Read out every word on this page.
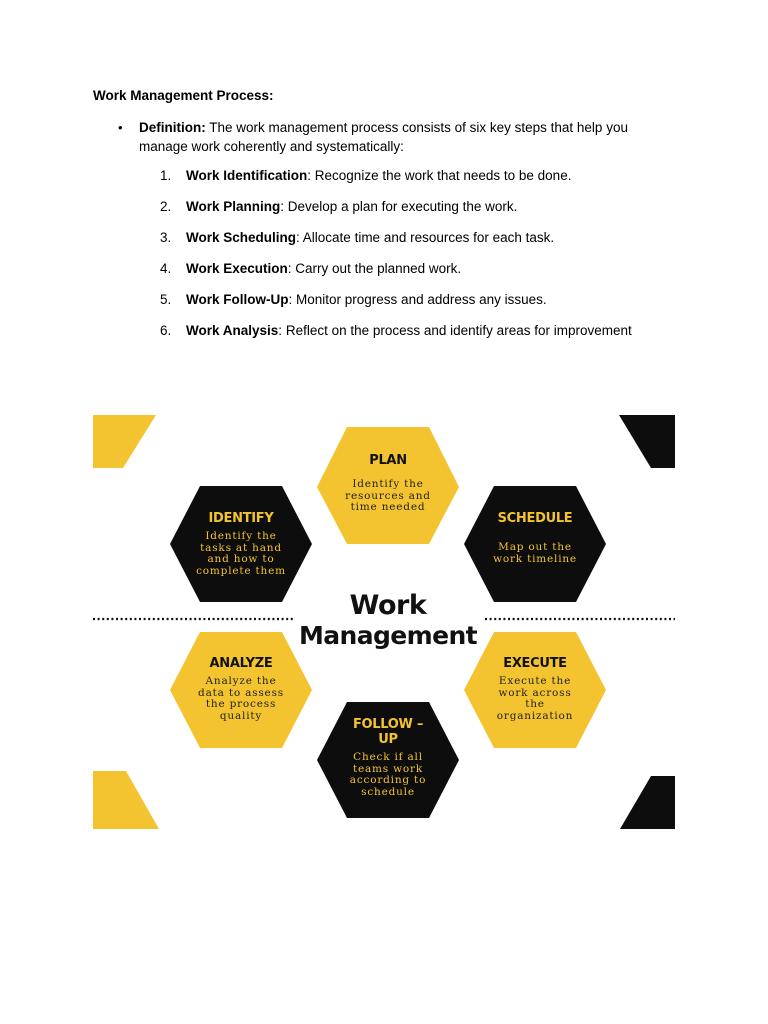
Work Management Process:
• Definition: The work management process consists of six key steps that help you manage work coherently and systematically:
1.	Work Identification: Recognize the work that needs to be done.
2.	Work Planning: Develop a plan for executing the work.
3.	Work Scheduling: Allocate time and resources for each task.
4.	Work Execution: Carry out the planned work.
5.	Work Follow-Up: Monitor progress and address any issues.
6.	Work Analysis: Reflect on the process and identify areas for improvement
PLAN
Identify the
resources and
time needed
IDENTIFY
Identify the
tasks at hand
and how to
complete them
SCHEDULE
Map out the
work timeline
Work
Management
ANALYZE
Analyze the
data to assess
the process
quality
EXECUTE
Execute the
work across
the
organization
FOLLOW –
UP
Check if all
teams work
according to
schedule
